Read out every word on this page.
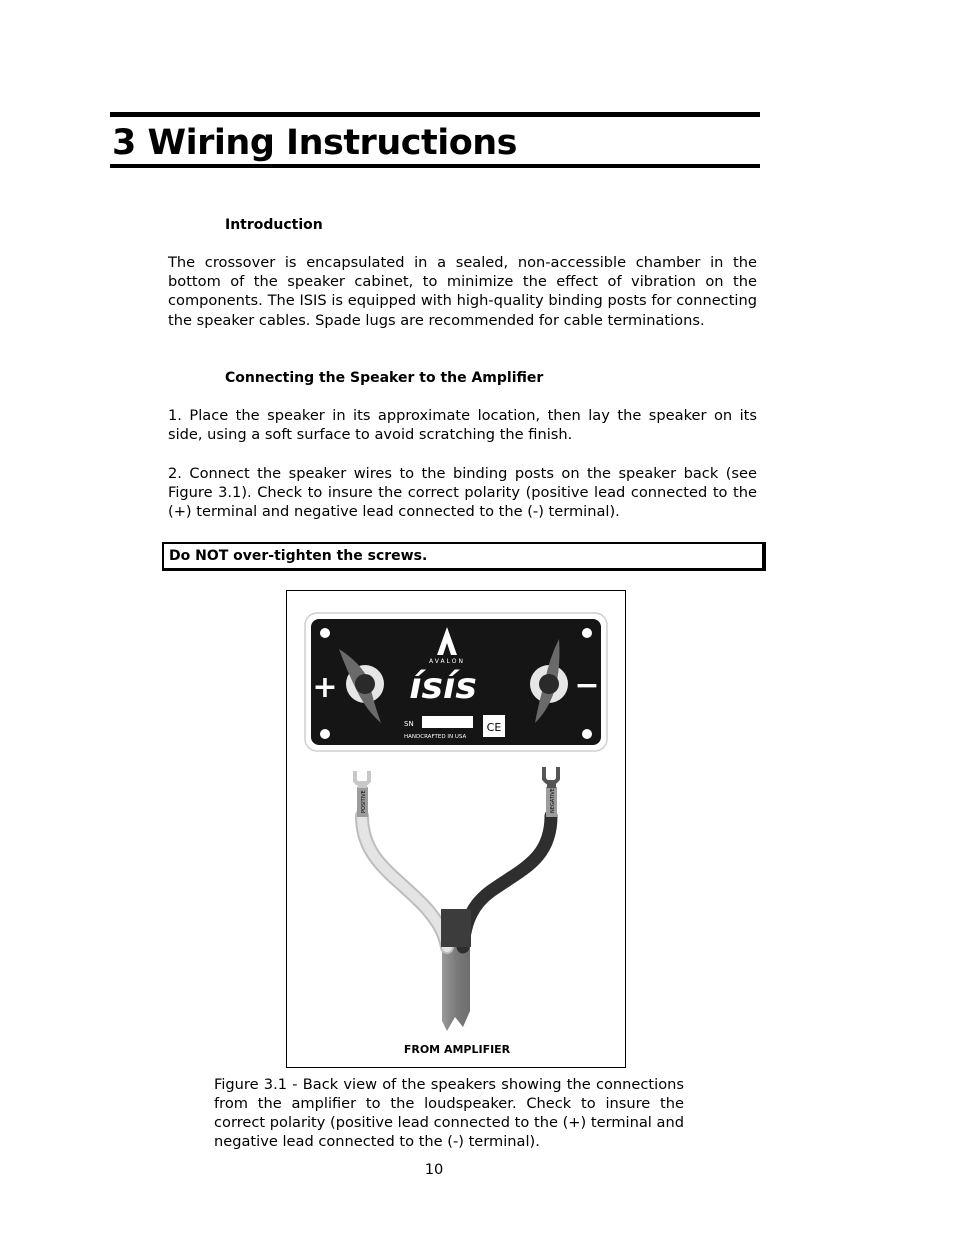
3 Wiring Instructions
Introduction

The crossover is encapsulated in a sealed, non-accessible chamber in the bottom of the speaker cabinet, to minimize the effect of vibration on the components. The ISIS is equipped with high-quality binding posts for connecting the speaker cables. Spade lugs are recommended for cable terminations.

Connecting the Speaker to the Amplifier

1. Place the speaker in its approximate location, then lay the speaker on its side, using a soft surface to avoid scratching the finish.

2. Connect the speaker wires to the binding posts on the speaker back (see Figure 3.1). Check to insure the correct polarity (positive lead connected to the (+) terminal and negative lead connected to the (-) terminal).

Do NOT over-tighten the screws.
AVALON
ísís
+	−
SN
HANDCRAFTED IN USA
CE
POSITIVE	NEGATIVE
FROM AMPLIFIER

Figure 3.1 - Back view of the speakers showing the connections from the amplifier to the loudspeaker. Check to insure the correct polarity (positive lead connected to the (+) terminal and negative lead connected to the (-) terminal).

10
